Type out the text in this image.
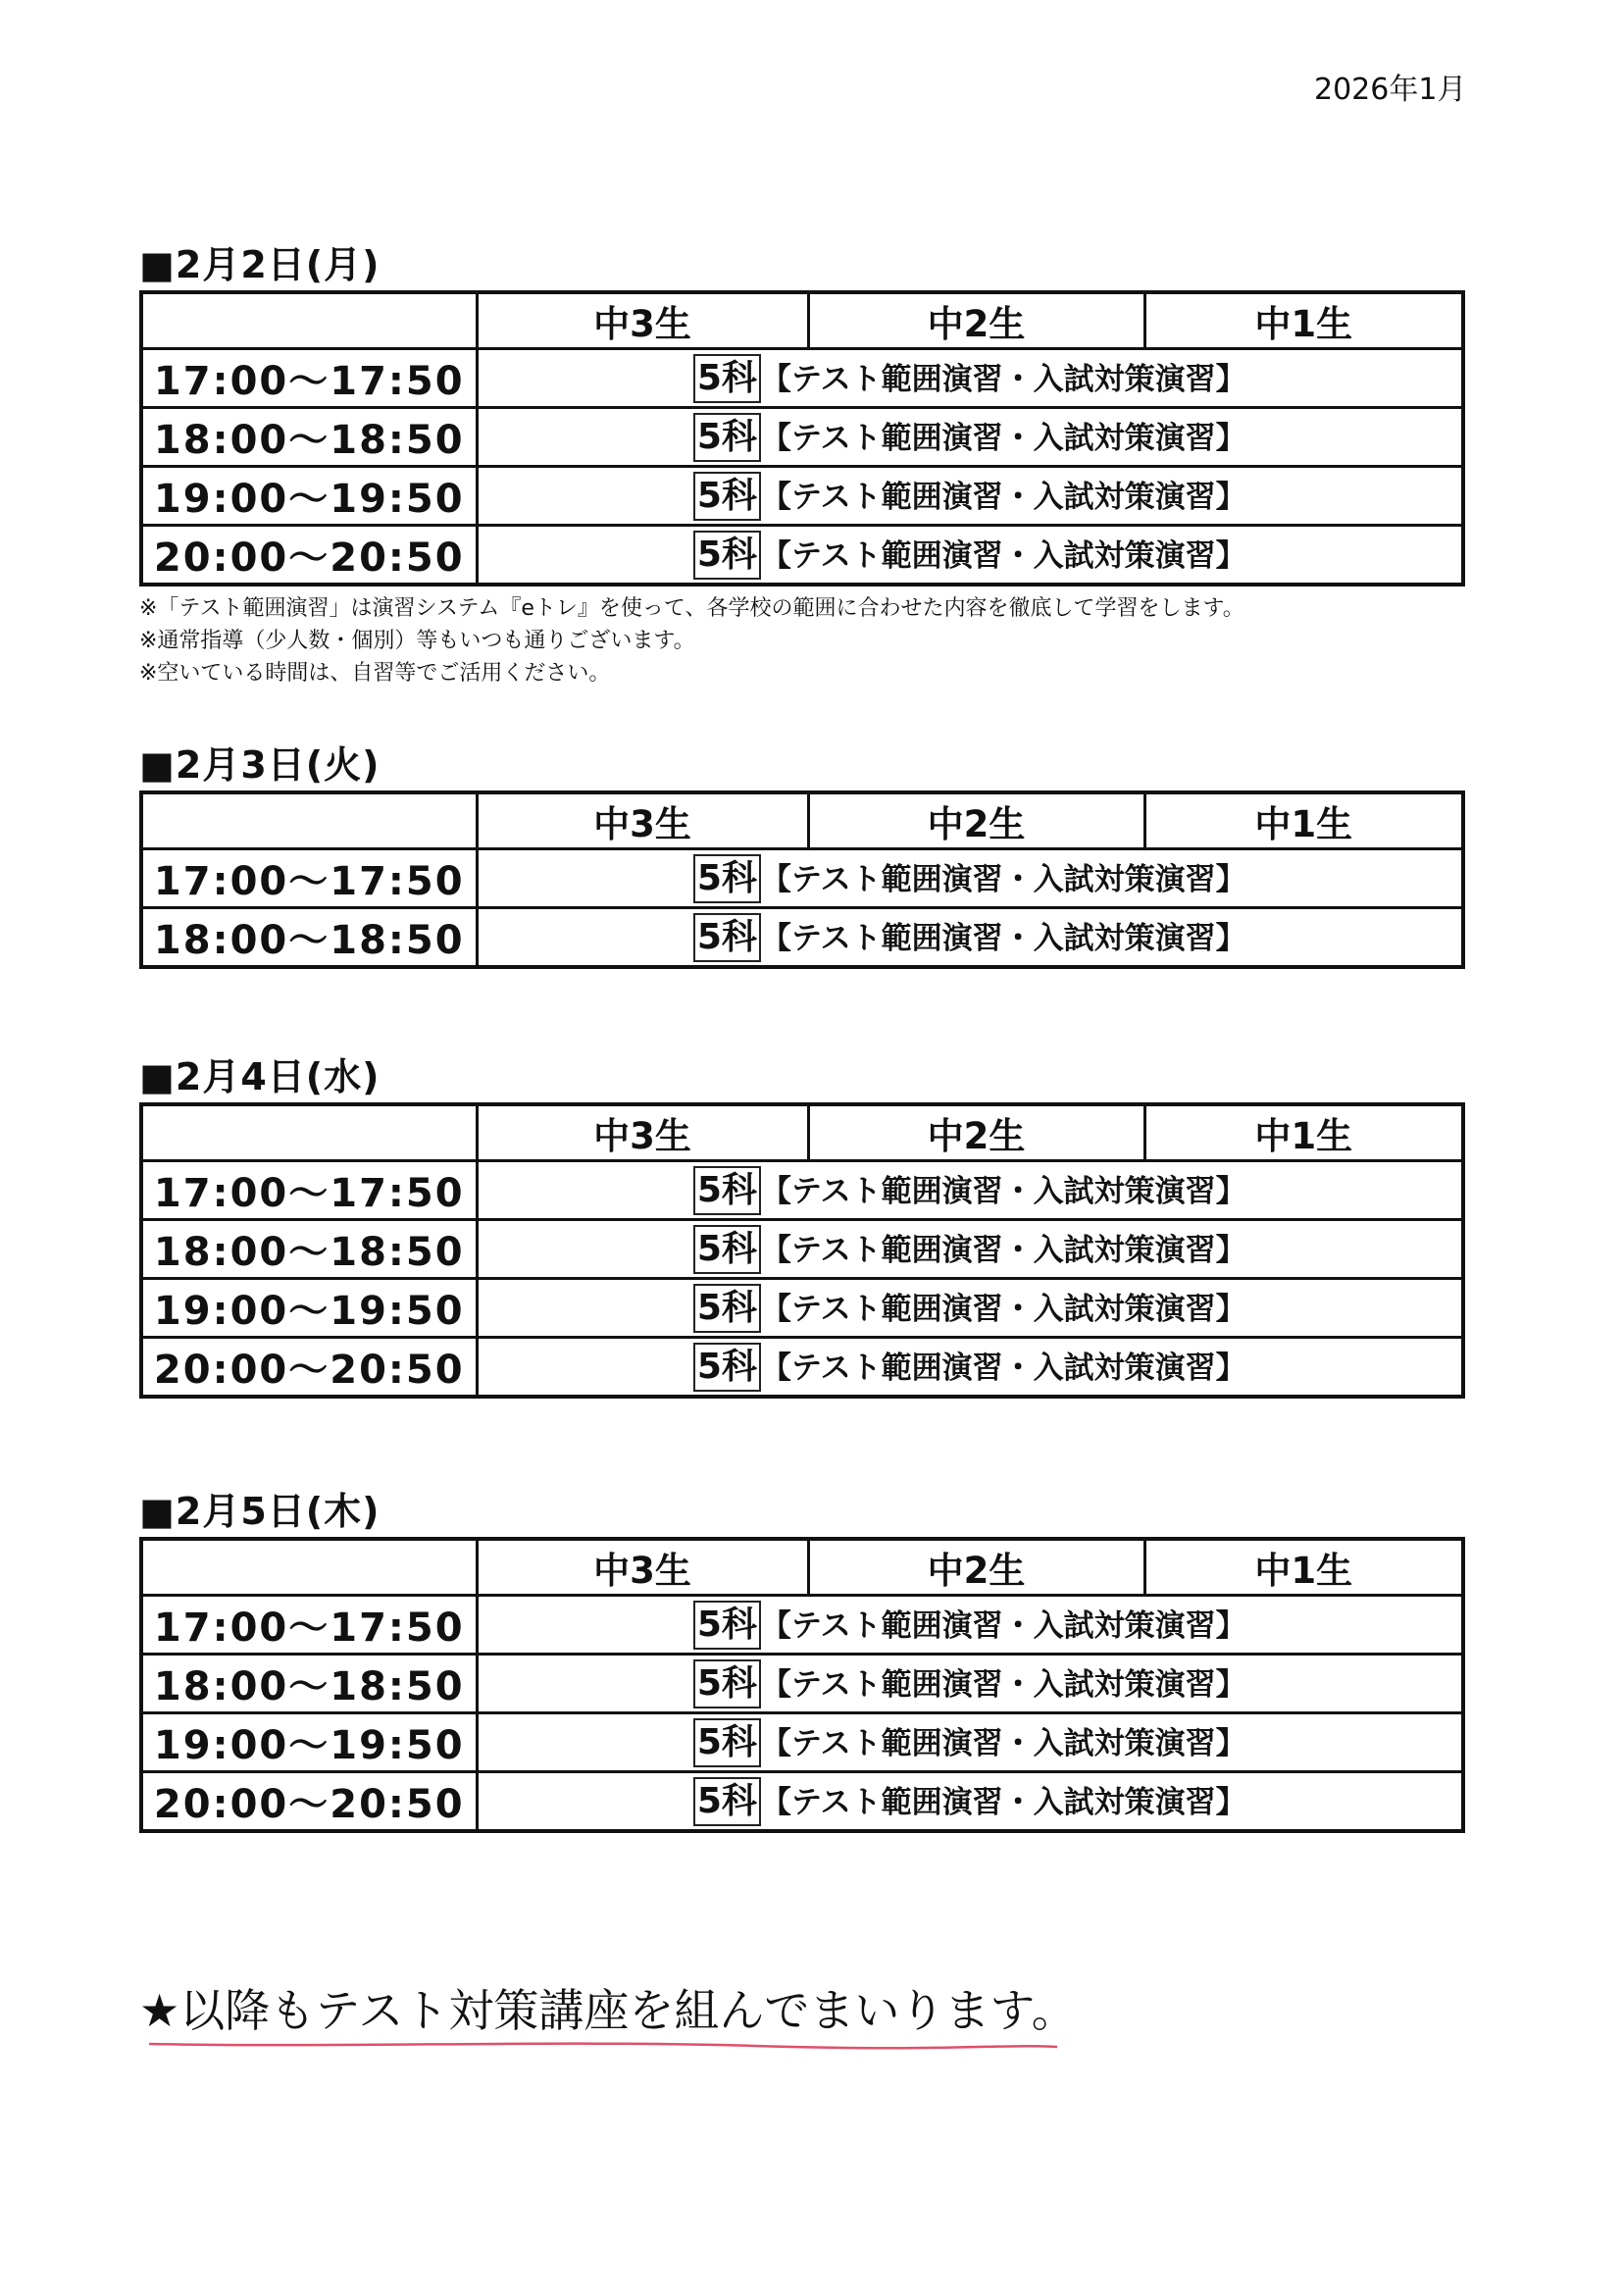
2026年1月
■2月2日(月)
	中3生	中2生	中1生
17:00〜17:50	5科 【テスト範囲演習・入試対策演習】		
18:00〜18:50	5科 【テスト範囲演習・入試対策演習】		
19:00〜19:50	5科 【テスト範囲演習・入試対策演習】		
20:00〜20:50	5科 【テスト範囲演習・入試対策演習】		
※「テスト範囲演習」は演習システム『eトレ』を使って、各学校の範囲に合わせた内容を徹底して学習をします。
※通常指導（少人数・個別）等もいつも通りございます。
※空いている時間は、自習等でご活用ください。
■2月3日(火)
	中3生	中2生	中1生
17:00〜17:50	5科 【テスト範囲演習・入試対策演習】		
18:00〜18:50	5科 【テスト範囲演習・入試対策演習】		
■2月4日(水)
	中3生	中2生	中1生
17:00〜17:50	5科 【テスト範囲演習・入試対策演習】		
18:00〜18:50	5科 【テスト範囲演習・入試対策演習】		
19:00〜19:50	5科 【テスト範囲演習・入試対策演習】		
20:00〜20:50	5科 【テスト範囲演習・入試対策演習】		
■2月5日(木)
	中3生	中2生	中1生
17:00〜17:50	5科 【テスト範囲演習・入試対策演習】		
18:00〜18:50	5科 【テスト範囲演習・入試対策演習】		
19:00〜19:50	5科 【テスト範囲演習・入試対策演習】		
20:00〜20:50	5科 【テスト範囲演習・入試対策演習】		
★以降もテスト対策講座を組んでまいります。
